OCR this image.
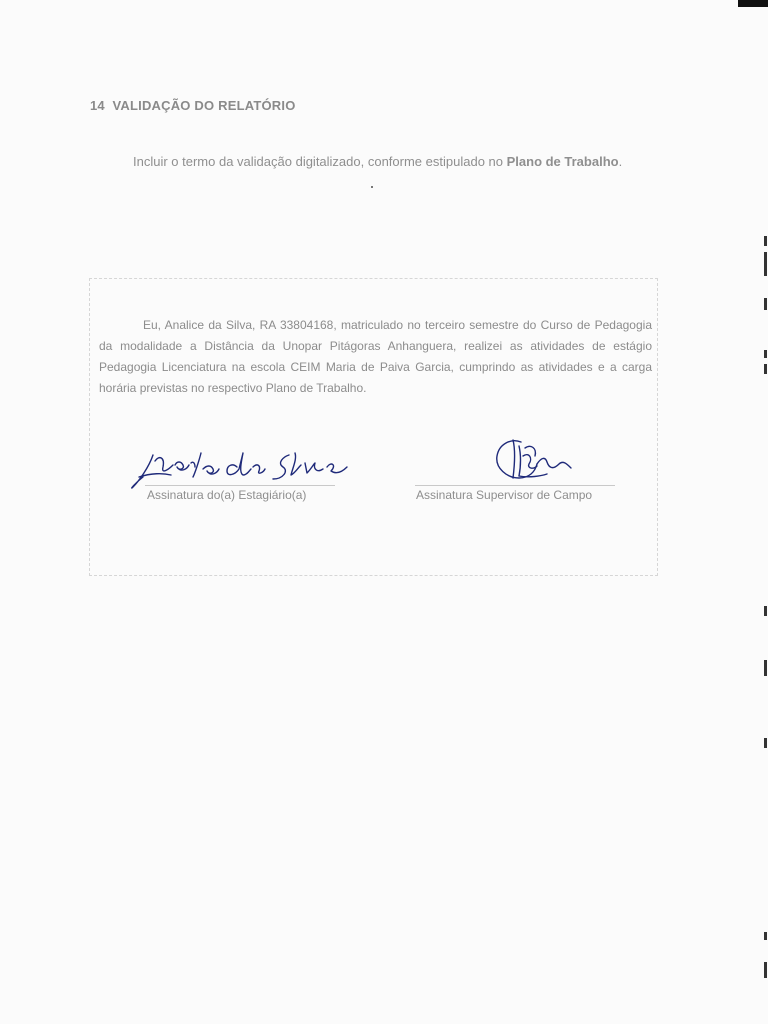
14 VALIDAÇÃO DO RELATÓRIO

Incluir o termo da validação digitalizado, conforme estipulado no Plano de Trabalho.

Eu, Analice da Silva, RA 33804168, matriculado no terceiro semestre do Curso de Pedagogia da modalidade a Distância da Unopar Pitágoras Anhanguera, realizei as atividades de estágio Pedagogia Licenciatura na escola CEIM Maria de Paiva Garcia, cumprindo as atividades e a carga horária previstas no respectivo Plano de Trabalho.

Assinatura do(a) Estagiário(a)	Assinatura Supervisor de Campo
